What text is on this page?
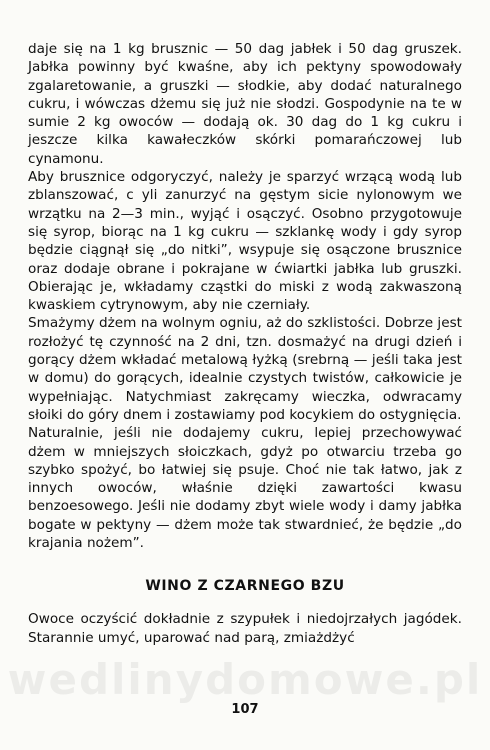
daje się na 1 kg brusznic — 50 dag jabłek i 50 dag gruszek. Jabłka powinny być kwaśne, aby ich pektyny spowodowały zgalaretowanie, a gruszki — słodkie, aby dodać naturalnego cukru, i wówczas dżemu się już nie słodzi. Gospodynie na te w sumie 2 kg owoców — dodają ok. 30 dag do 1 kg cukru i jeszcze kilka kawałeczków skórki pomarańczowej lub cynamonu.

Aby brusznice odgoryczyć, należy je sparzyć wrzącą wodą lub zblanszować, c yli zanurzyć na gęstym sicie nylonowym we wrzątku na 2—3 min., wyjąć i osączyć. Osobno przygotowuje się syrop, biorąc na 1 kg cukru — szklankę wody i gdy syrop będzie ciągnął się „do nitki”, wsypuje się osączone brusznice oraz dodaje obrane i pokrajane w ćwiartki jabłka lub gruszki. Obierając je, wkładamy cząstki do miski z wodą zakwaszoną kwaskiem cytrynowym, aby nie czerniały.

Smażymy dżem na wolnym ogniu, aż do szklistości. Dobrze jest rozłożyć tę czynność na 2 dni, tzn. dosmażyć na drugi dzień i gorący dżem wkładać metalową łyżką (srebrną — jeśli taka jest w domu) do gorących, idealnie czystych twistów, całkowicie je wypełniając. Natychmiast zakręcamy wieczka, odwracamy słoiki do góry dnem i zostawiamy pod kocykiem do ostygnięcia.

Naturalnie, jeśli nie dodajemy cukru, lepiej przechowywać dżem w mniejszych słoiczkach, gdyż po otwarciu trzeba go szybko spożyć, bo łatwiej się psuje. Choć nie tak łatwo, jak z innych owoców, właśnie dzięki zawartości kwasu benzoesowego. Jeśli nie dodamy zbyt wiele wody i damy jabłka bogate w pektyny — dżem może tak stwardnieć, że będzie „do krajania nożem”.

WINO Z CZARNEGO BZU

Owoce oczyścić dokładnie z szypułek i niedojrzałych jagódek. Starannie umyć, uparować nad parą, zmiażdżyć

wedlinydomowe.pl
107
